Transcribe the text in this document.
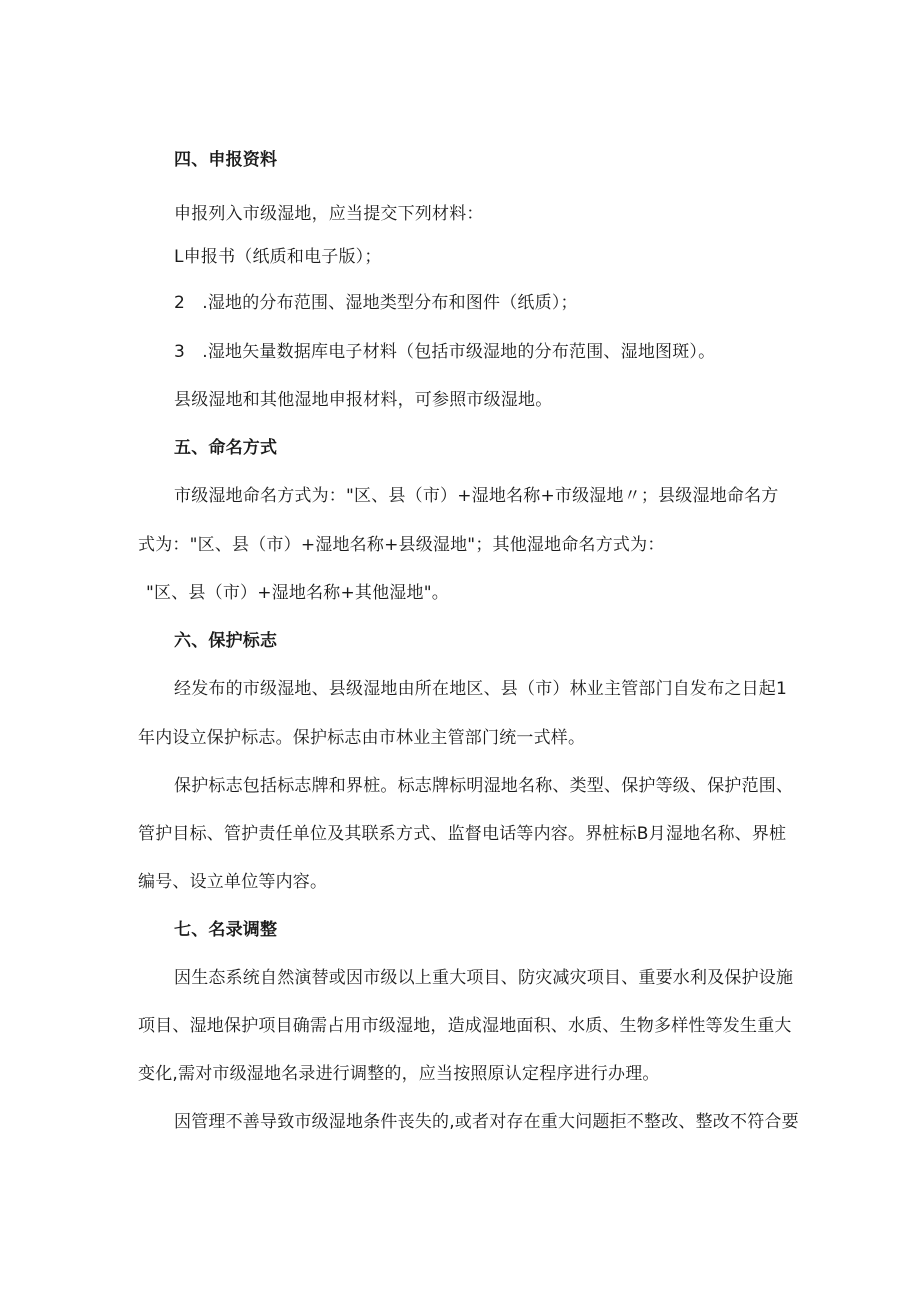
四、申报资料
申报列入市级湿地，应当提交下列材料：
L申报书（纸质和电子版）；
2　.湿地的分布范围、湿地类型分布和图件（纸质）；
3　.湿地矢量数据库电子材料（包括市级湿地的分布范围、湿地图斑）。
县级湿地和其他湿地申报材料，可参照市级湿地。
五、命名方式
市级湿地命名方式为："区、县（市）+湿地名称+市级湿地〃；县级湿地命名方
式为："区、县（市）+湿地名称+县级湿地"；其他湿地命名方式为：
"区、县（市）+湿地名称+其他湿地"。
六、保护标志
经发布的市级湿地、县级湿地由所在地区、县（市）林业主管部门自发布之日起1
年内设立保护标志。保护标志由市林业主管部门统一式样。
保护标志包括标志牌和界桩。标志牌标明湿地名称、类型、保护等级、保护范围、
管护目标、管护责任单位及其联系方式、监督电话等内容。界桩标B月湿地名称、界桩
编号、设立单位等内容。
七、名录调整
因生态系统自然演替或因市级以上重大项目、防灾减灾项目、重要水利及保护设施
项目、湿地保护项目确需占用市级湿地，造成湿地面积、水质、生物多样性等发生重大
变化,需对市级湿地名录进行调整的，应当按照原认定程序进行办理。
因管理不善导致市级湿地条件丧失的,或者对存在重大问题拒不整改、整改不符合要
